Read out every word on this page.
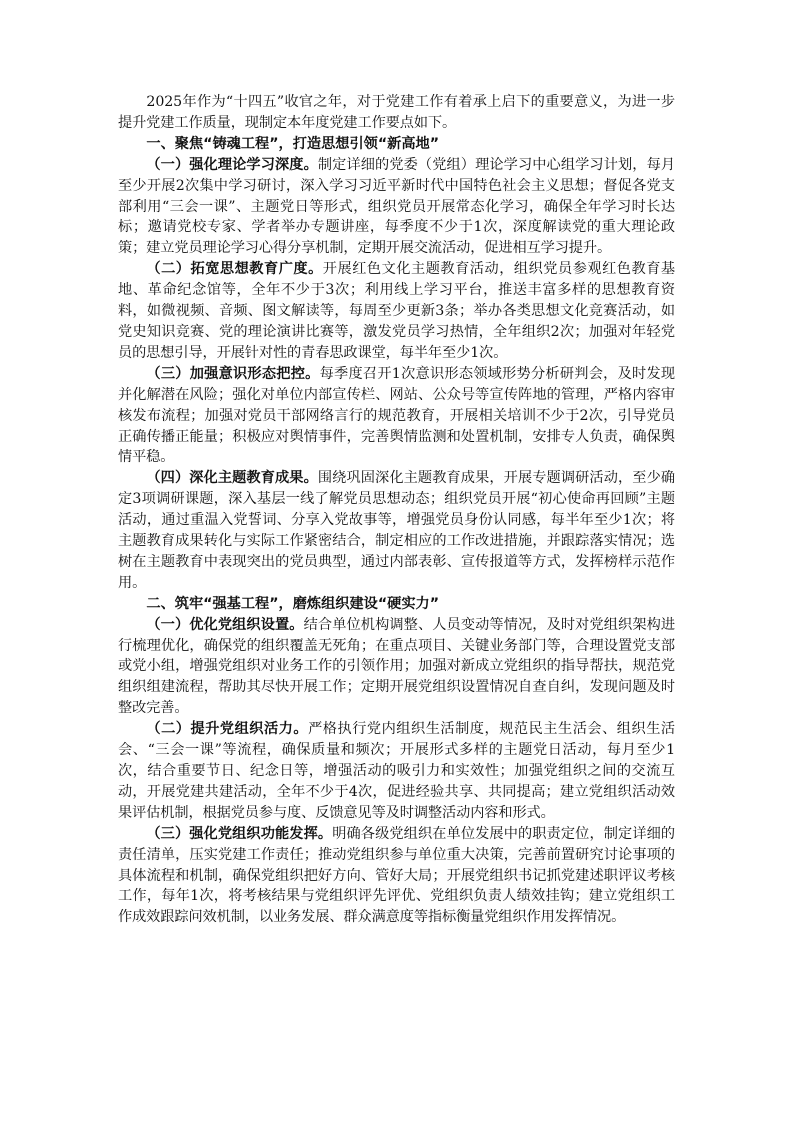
2025年作为“十四五”收官之年，对于党建工作有着承上启下的重要意义，为进一步提升党建工作质量，现制定本年度党建工作要点如下。

一、聚焦“铸魂工程”，打造思想引领“新高地”

（一）强化理论学习深度。制定详细的党委（党组）理论学习中心组学习计划，每月至少开展2次集中学习研讨，深入学习习近平新时代中国特色社会主义思想；督促各党支部利用“三会一课”、主题党日等形式，组织党员开展常态化学习，确保全年学习时长达标；邀请党校专家、学者举办专题讲座，每季度不少于1次，深度解读党的重大理论政策；建立党员理论学习心得分享机制，定期开展交流活动，促进相互学习提升。

（二）拓宽思想教育广度。开展红色文化主题教育活动，组织党员参观红色教育基地、革命纪念馆等，全年不少于3次；利用线上学习平台，推送丰富多样的思想教育资料，如微视频、音频、图文解读等，每周至少更新3条；举办各类思想文化竞赛活动，如党史知识竞赛、党的理论演讲比赛等，激发党员学习热情，全年组织2次；加强对年轻党员的思想引导，开展针对性的青春思政课堂，每半年至少1次。

（三）加强意识形态把控。每季度召开1次意识形态领域形势分析研判会，及时发现并化解潜在风险；强化对单位内部宣传栏、网站、公众号等宣传阵地的管理，严格内容审核发布流程；加强对党员干部网络言行的规范教育，开展相关培训不少于2次，引导党员正确传播正能量；积极应对舆情事件，完善舆情监测和处置机制，安排专人负责，确保舆情平稳。

（四）深化主题教育成果。围绕巩固深化主题教育成果，开展专题调研活动，至少确定3项调研课题，深入基层一线了解党员思想动态；组织党员开展“初心使命再回顾”主题活动，通过重温入党誓词、分享入党故事等，增强党员身份认同感，每半年至少1次；将主题教育成果转化与实际工作紧密结合，制定相应的工作改进措施，并跟踪落实情况；选树在主题教育中表现突出的党员典型，通过内部表彰、宣传报道等方式，发挥榜样示范作用。

二、筑牢“强基工程”，磨炼组织建设“硬实力”

（一）优化党组织设置。结合单位机构调整、人员变动等情况，及时对党组织架构进行梳理优化，确保党的组织覆盖无死角；在重点项目、关键业务部门等，合理设置党支部或党小组，增强党组织对业务工作的引领作用；加强对新成立党组织的指导帮扶，规范党组织组建流程，帮助其尽快开展工作；定期开展党组织设置情况自查自纠，发现问题及时整改完善。

（二）提升党组织活力。严格执行党内组织生活制度，规范民主生活会、组织生活会、“三会一课”等流程，确保质量和频次；开展形式多样的主题党日活动，每月至少1次，结合重要节日、纪念日等，增强活动的吸引力和实效性；加强党组织之间的交流互动，开展党建共建活动，全年不少于4次，促进经验共享、共同提高；建立党组织活动效果评估机制，根据党员参与度、反馈意见等及时调整活动内容和形式。

（三）强化党组织功能发挥。明确各级党组织在单位发展中的职责定位，制定详细的责任清单，压实党建工作责任；推动党组织参与单位重大决策，完善前置研究讨论事项的具体流程和机制，确保党组织把好方向、管好大局；开展党组织书记抓党建述职评议考核工作，每年1次，将考核结果与党组织评先评优、党组织负责人绩效挂钩；建立党组织工作成效跟踪问效机制，以业务发展、群众满意度等指标衡量党组织作用发挥情况。
